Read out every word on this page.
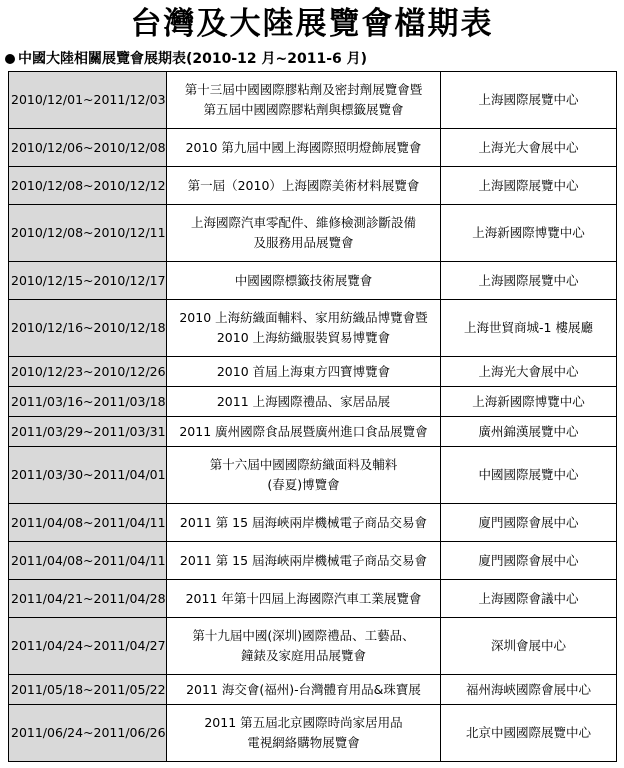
台灣及大陸展覽會檔期表
中國大陸相關展覽會展期表(2010-12 月~2011-6 月)
2010/12/01~2011/12/03	第十三屆中國國際膠粘劑及密封劑展覽會暨
第五屆中國國際膠粘劑與標籤展覽會	上海國際展覽中心
2010/12/06~2010/12/08	2010 第九屆中國上海國際照明燈飾展覽會	上海光大會展中心
2010/12/08~2010/12/12	第一屆（2010）上海國際美術材料展覽會	上海國際展覽中心
2010/12/08~2010/12/11	上海國際汽車零配件、維修檢測診斷設備
及服務用品展覽會	上海新國際博覽中心
2010/12/15~2010/12/17	中國國際標籤技術展覽會	上海國際展覽中心
2010/12/16~2010/12/18	2010 上海紡織面輔料、家用紡織品博覽會暨
2010 上海紡織服裝貿易博覽會	上海世貿商城-1 樓展廳
2010/12/23~2010/12/26	2010 首屆上海東方四寶博覽會	上海光大會展中心
2011/03/16~2011/03/18	2011 上海國際禮品、家居品展	上海新國際博覽中心
2011/03/29~2011/03/31	2011 廣州國際食品展暨廣州進口食品展覽會	廣州錦漢展覽中心
2011/03/30~2011/04/01	第十六屆中國國際紡織面料及輔料
(春夏)博覽會	中國國際展覽中心
2011/04/08~2011/04/11	2011 第 15 屆海峽兩岸機械電子商品交易會	廈門國際會展中心
2011/04/08~2011/04/11	2011 第 15 屆海峽兩岸機械電子商品交易會	廈門國際會展中心
2011/04/21~2011/04/28	2011 年第十四屆上海國際汽車工業展覽會	上海國際會議中心
2011/04/24~2011/04/27	第十九屆中國(深圳)國際禮品、工藝品、
鐘錶及家庭用品展覽會	深圳會展中心
2011/05/18~2011/05/22	2011 海交會(福州)-台灣體育用品&珠寶展	福州海峽國際會展中心
2011/06/24~2011/06/26	2011 第五屆北京國際時尚家居用品
電視網絡購物展覽會	北京中國國際展覽中心
